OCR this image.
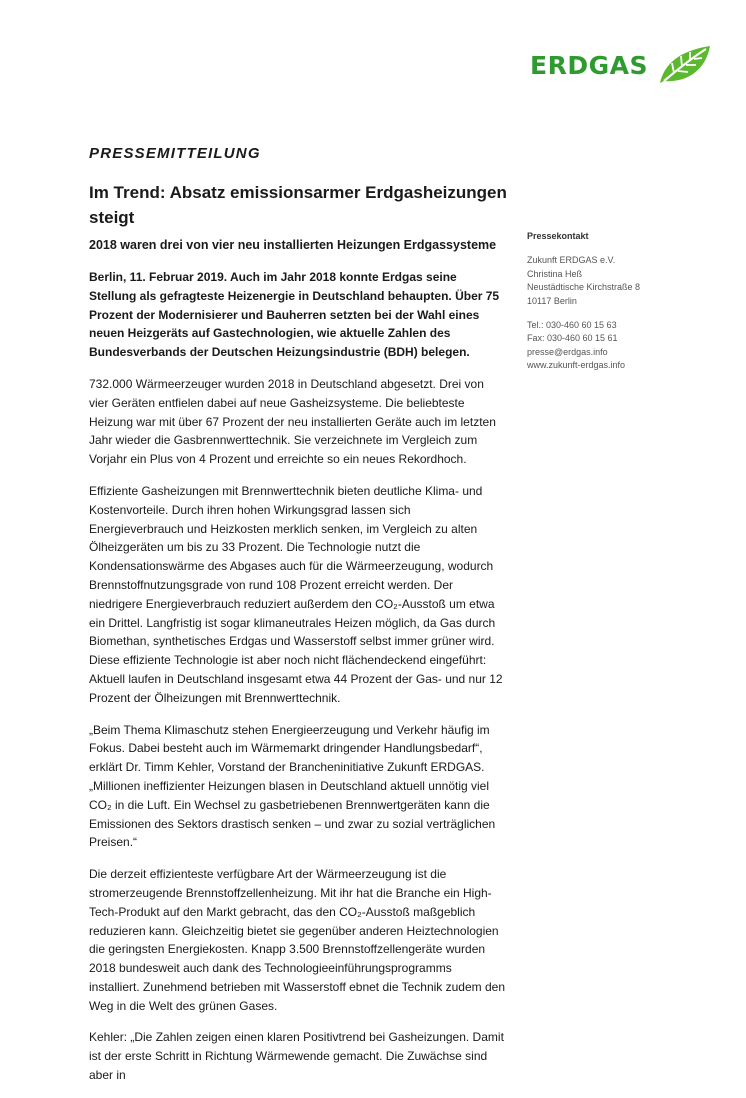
ERDGAS

PRESSEMITTEILUNG

Im Trend: Absatz emissionsarmer Erdgasheizungen steigt
2018 waren drei von vier neu installierten Heizungen Erdgassysteme

Berlin, 11. Februar 2019. Auch im Jahr 2018 konnte Erdgas seine Stellung als gefragteste Heizenergie in Deutschland behaupten. Über 75 Prozent der Modernisierer und Bauherren setzten bei der Wahl eines neuen Heizgeräts auf Gastechnologien, wie aktuelle Zahlen des Bundesverbands der Deutschen Heizungsindustrie (BDH) belegen.

732.000 Wärmeerzeuger wurden 2018 in Deutschland abgesetzt. Drei von vier Geräten entfielen dabei auf neue Gasheizsysteme. Die beliebteste Heizung war mit über 67 Prozent der neu installierten Geräte auch im letzten Jahr wieder die Gasbrennwerttechnik. Sie verzeichnete im Vergleich zum Vorjahr ein Plus von 4 Prozent und erreichte so ein neues Rekordhoch.

Effiziente Gasheizungen mit Brennwerttechnik bieten deutliche Klima- und Kostenvorteile. Durch ihren hohen Wirkungsgrad lassen sich Energieverbrauch und Heizkosten merklich senken, im Vergleich zu alten Ölheizgeräten um bis zu 33 Prozent. Die Technologie nutzt die Kondensationswärme des Abgases auch für die Wärmeerzeugung, wodurch Brennstoffnutzungsgrade von rund 108 Prozent erreicht werden. Der niedrigere Energieverbrauch reduziert außerdem den CO₂-Ausstoß um etwa ein Drittel. Langfristig ist sogar klimaneutrales Heizen möglich, da Gas durch Biomethan, synthetisches Erdgas und Wasserstoff selbst immer grüner wird. Diese effiziente Technologie ist aber noch nicht flächendeckend eingeführt: Aktuell laufen in Deutschland insgesamt etwa 44 Prozent der Gas- und nur 12 Prozent der Ölheizungen mit Brennwerttechnik.

„Beim Thema Klimaschutz stehen Energieerzeugung und Verkehr häufig im Fokus. Dabei besteht auch im Wärmemarkt dringender Handlungsbedarf“, erklärt Dr. Timm Kehler, Vorstand der Brancheninitiative Zukunft ERDGAS. „Millionen ineffizienter Heizungen blasen in Deutschland aktuell unnötig viel CO₂ in die Luft. Ein Wechsel zu gasbetriebenen Brennwertgeräten kann die Emissionen des Sektors drastisch senken – und zwar zu sozial verträglichen Preisen.“

Die derzeit effizienteste verfügbare Art der Wärmeerzeugung ist die stromerzeugende Brennstoffzellenheizung. Mit ihr hat die Branche ein High-Tech-Produkt auf den Markt gebracht, das den CO₂-Ausstoß maßgeblich reduzieren kann. Gleichzeitig bietet sie gegenüber anderen Heiztechnologien die geringsten Energiekosten. Knapp 3.500 Brennstoffzellengeräte wurden 2018 bundesweit auch dank des Technologieeinführungsprogramms installiert. Zunehmend betrieben mit Wasserstoff ebnet die Technik zudem den Weg in die Welt des grünen Gases.

Kehler: „Die Zahlen zeigen einen klaren Positivtrend bei Gasheizungen. Damit ist der erste Schritt in Richtung Wärmewende gemacht. Die Zuwächse sind aber in

Pressekontakt
Zukunft ERDGAS e.V.
Christina Heß
Neustädtische Kirchstraße 8
10117 Berlin
Tel.: 030-460 60 15 63
Fax: 030-460 60 15 61
presse@erdgas.info
www.zukunft-erdgas.info
